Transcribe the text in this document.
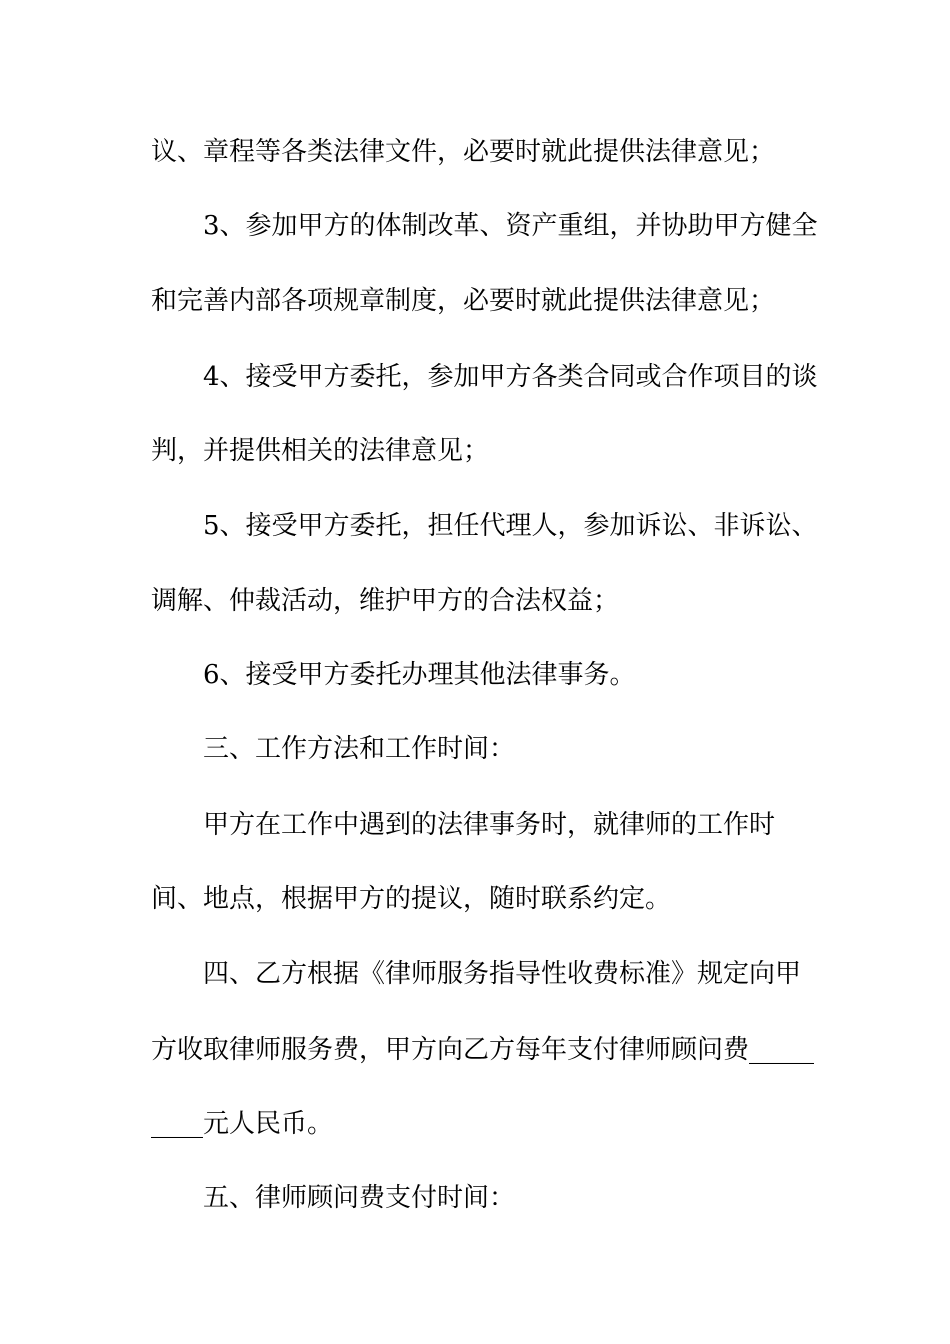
议、章程等各类法律文件，必要时就此提供法律意见；
3、参加甲方的体制改革、资产重组，并协助甲方健全
和完善内部各项规章制度，必要时就此提供法律意见；
4、接受甲方委托，参加甲方各类合同或合作项目的谈
判，并提供相关的法律意见；
5、接受甲方委托，担任代理人，参加诉讼、非诉讼、
调解、仲裁活动，维护甲方的合法权益；
6、接受甲方委托办理其他法律事务。
三、工作方法和工作时间：
甲方在工作中遇到的法律事务时，就律师的工作时
间、地点，根据甲方的提议，随时联系约定。
四、乙方根据《律师服务指导性收费标准》规定向甲
方收取律师服务费，甲方向乙方每年支付律师顾问费_____
____元人民币。
五、律师顾问费支付时间：
